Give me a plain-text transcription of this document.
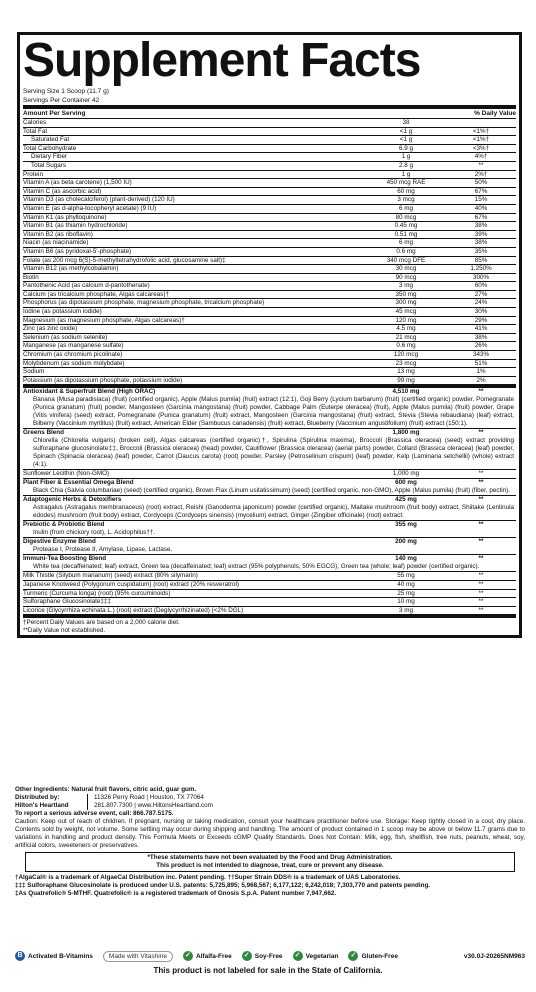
Supplement Facts
Serving Size 1 Scoop (11.7 g)
Servings Per Container 42
Amount Per Serving	% Daily Value
Calories	38
Total Fat	<1 g	<1%†
Saturated Fat	<1 g	<1%†
Total Carbohydrate	6.9 g	<3%†
Dietary Fiber	1 g	4%†
Total Sugars	2.8 g	**
Protein	1 g	2%†
Vitamin A (as beta carotene) (1,500 IU)	450 mcg RAE	50%
Vitamin C (as ascorbic acid)	60 mg	67%
Vitamin D3 (as cholecalciferol) (plant-derived) (120 IU)	3 mcg	15%
Vitamin E (as d-alpha-tocopheryl acetate) (9 IU)	6 mg	40%
Vitamin K1 (as phylloquinone)	80 mcg	67%
Vitamin B1 (as thiamin hydrochloride)	0.45 mg	38%
Vitamin B2 (as riboflavin)	0.51 mg	39%
Niacin (as niacinamide)	6 mg	38%
Vitamin B6 (as pyridoxal-5'-phosphate)	0.6 mg	35%
Folate (as 200 mcg 6(S)-5-methyltetrahydrofolic acid, glucosamine salt)‡	340 mcg DFE	85%
Vitamin B12 (as methylcobalamin)	30 mcg	1,250%
Biotin	90 mcg	300%
Pantothenic Acid (as calcium d-pantothenate)	3 mg	60%
Calcium (as tricalcium phosphate, Algas calcareas)†	350 mg	27%
Phosphorus (as dipotassium phosphate, magnesium phosphate, tricalcium phosphate)	300 mg	24%
Iodine (as potassium iodide)	45 mcg	30%
Magnesium (as magnesium phosphate, Algas calcareas)†	120 mg	29%
Zinc (as zinc oxide)	4.5 mg	41%
Selenium (as sodium selenite)	21 mcg	38%
Manganese (as manganese sulfate)	0.6 mg	26%
Chromium (as chromium picolinate)	120 mcg	343%
Molybdenum (as sodium molybdate)	23 mcg	51%
Sodium	13 mg	1%
Potassium (as dipotassium phosphate, potassium iodide)	99 mg	2%
Antioxidant & Superfruit Blend (High ORAC)	4,510 mg	**
Banana (Musa paradisiaca) (fruit) (certified organic), Apple (Malus pumila) (fruit) extract (12:1), Goji Berry (Lycium barbarum) (fruit) (certified organic) powder, Pomegranate (Punica granatum) (fruit) powder, Mangosteen (Garcinia mangostana) (fruit) powder, Cabbage Palm (Euterpe oleracea) (fruit), Apple (Malus pumila) (fruit) powder, Grape (Vitis vinifera) (seed) extract, Pomegranate (Punica granatum) (fruit) extract, Mangosteen (Garcinia mangostana) (fruit) extract, Stevia (Stevia rebaudiana) (leaf) extract, Bilberry (Vaccinium myrtillus) (fruit) extract, American Elder (Sambucus canadensis) (fruit) extract, Blueberry (Vaccinium angustifolium) (fruit) extract (150:1).
Greens Blend	1,800 mg	**
Chlorella (Chlorella vulgaris) (broken cell), Algas calcareas (certified organic)†, Spirulina (Spirulina maxima), Broccoli (Brassica oleracea) (seed) extract providing sulforaphane glucosinolate‡‡, Broccoli (Brassica oleracea) (head) powder, Cauliflower (Brassica oleracea) (aerial parts) powder, Collard (Brassica oleracea) (leaf) powder, Spinach (Spinacia oleracea) (leaf) powder, Carrot (Daucus carota) (root) powder, Parsley (Petroselinum crispum) (leaf) powder, Kelp (Laminaria setchellii) (whole) extract (4:1).
Sunflower Lecithin (Non-GMO)	1,000 mg	**
Plant Fiber & Essential Omega Blend	600 mg	**
Black Chia (Salvia columbariae) (seed) (certified organic), Brown Flax (Linum usitatissimum) (seed) (certified organic, non-GMO), Apple (Malus pumila) (fruit) (fiber, pectin).
Adaptogenic Herbs & Detoxifiers	425 mg	**
Astragalus (Astragalus membranaceus) (root) extract, Reishi (Ganoderma japonicum) powder (certified organic), Maitake mushroom (fruit body) extract, Shiitake (Lentinula edodes) mushroom (fruit body) extract, Cordyceps (Cordyceps sinensis) (mycelium) extract, Ginger (Zingiber officinale) (root) extract.
Prebiotic & Probiotic Blend	355 mg	**
Inulin (from chickory root), L. Acidophilus††.
Digestive Enzyme Blend	200 mg	**
Protease I, Protease II, Amylase, Lipase, Lactase.
Immuni-Tea Boosting Blend	140 mg	**
White tea (decaffeinated; leaf) extract, Green tea (decaffeinated; leaf) extract (95% polyphenols, 50% EGCG), Green tea (whole; leaf) powder (certified organic).
Milk Thistle (Silybum marianum) (seed) extract (80% silymarin)	55 mg	**
Japanese Knotweed (Polygonum cuspidatum) (root) extract (20% resveratrol)	40 mg	**
Turmeric (Curcuma longa) (root) (95% curcuminoids)	25 mg	**
Sulforaphane Glucosinolate‡‡‡	10 mg	**
Licorice (Glycyrrhiza echinata L.) (root) extract (Deglycyrrhizinated) (<2% DGL)	3 mg	**
†Percent Daily Values are based on a 2,000 calorie diet.
**Daily Value not established.
Other Ingredients: Natural fruit flavors, citric acid, guar gum.
Distributed by:
Hilton's Heartland
11326 Perry Road | Houston, TX 77064
281.807.7300 | www.HiltonsHeartland.com
To report a serious adverse event, call: 866.787.5175.
Caution: Keep out of reach of children. If pregnant, nursing or taking medication, consult your healthcare practitioner before use. Storage: Keep tightly closed in a cool, dry place. Contents sold by weight, not volume. Some settling may occur during shipping and handling. The amount of product contained in 1 scoop may be above or below 11.7 grams due to variations in handling and product density. This Formula Meets or Exceeds cGMP Quality Standards. Does Not Contain: Milk, egg, fish, shellfish, tree nuts, peanuts, wheat, soy, artificial colors, sweeteners or preservatives.
*These statements have not been evaluated by the Food and Drug Administration.
This product is not intended to diagnose, treat, cure or prevent any disease.
†AlgaCal® is a trademark of AlgaeCal Distribution inc. Patent pending. ††Super Strain DDS® is a trademark of UAS Laboratories.
‡‡‡ Sulforaphane Glucosinolate is produced under U.S. patents: 5,725,895; 5,968,567; 6,177,122; 6,242,018; 7,303,770 and patents pending.
‡As Quatrefolic® 5-MTHF. Quatrefolic® is a registered trademark of Gnosis S.p.A. Patent number 7,947,662.
B Activated B-Vitamins	Made with Vitashine	✓ Alfalfa-Free ✓ Soy-Free ✓ Vegetarian ✓ Gluten-Free	v30.0J-20265NM963
This product is not labeled for sale in the State of California.
